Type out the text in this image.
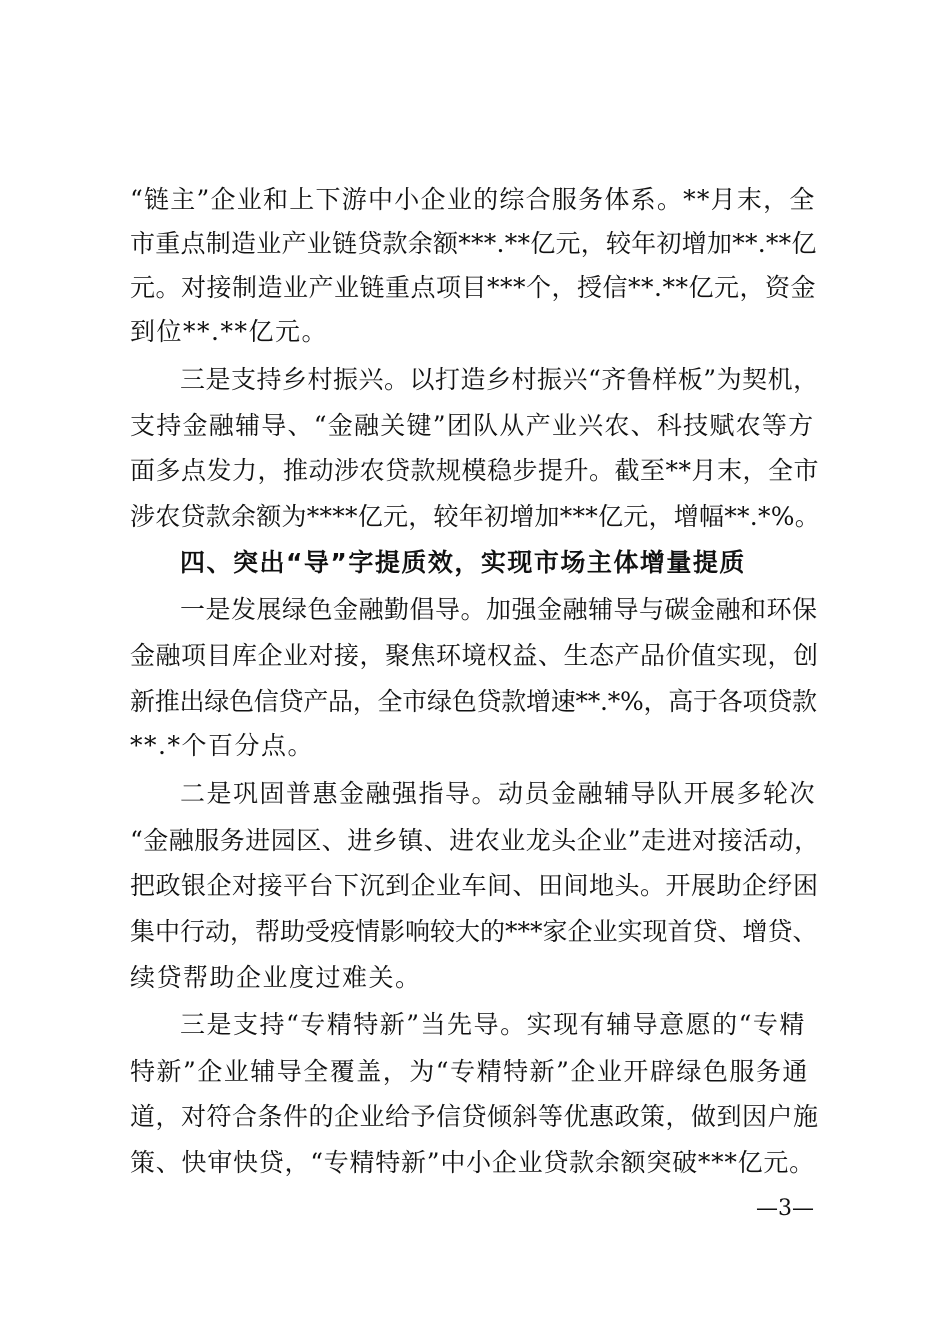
“链主”企业和上下游中小企业的综合服务体系。**月末，全
市重点制造业产业链贷款余额***.**亿元，较年初增加**.**亿
元。对接制造业产业链重点项目***个，授信**.**亿元，资金
到位**.**亿元。
三是支持乡村振兴。以打造乡村振兴“齐鲁样板”为契机，
支持金融辅导、“金融关键”团队从产业兴农、科技赋农等方
面多点发力，推动涉农贷款规模稳步提升。截至**月末，全市
涉农贷款余额为****亿元，较年初增加***亿元，增幅**.*%。
四、突出“导”字提质效，实现市场主体增量提质
一是发展绿色金融勤倡导。加强金融辅导与碳金融和环保
金融项目库企业对接，聚焦环境权益、生态产品价值实现，创
新推出绿色信贷产品，全市绿色贷款增速**.*%，高于各项贷款
**.*个百分点。
二是巩固普惠金融强指导。动员金融辅导队开展多轮次
“金融服务进园区、进乡镇、进农业龙头企业”走进对接活动，
把政银企对接平台下沉到企业车间、田间地头。开展助企纾困
集中行动，帮助受疫情影响较大的***家企业实现首贷、增贷、
续贷帮助企业度过难关。
三是支持“专精特新”当先导。实现有辅导意愿的“专精
特新”企业辅导全覆盖，为“专精特新”企业开辟绿色服务通
道，对符合条件的企业给予信贷倾斜等优惠政策，做到因户施
策、快审快贷，“专精特新”中小企业贷款余额突破***亿元。
—3—
